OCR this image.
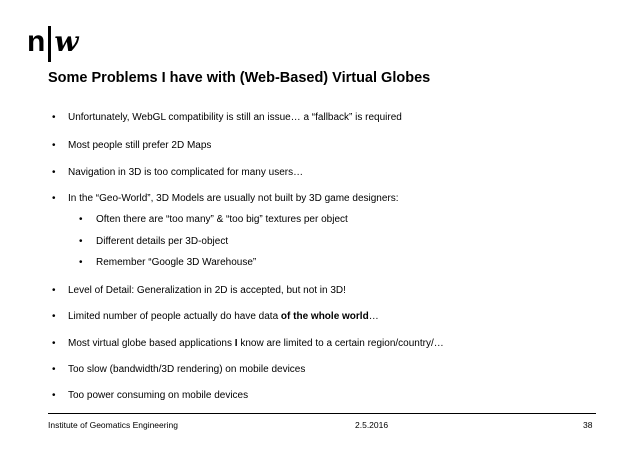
n w
Some Problems I have with (Web-Based) Virtual Globes
• Unfortunately, WebGL compatibility is still an issue… a “fallback” is required
• Most people still prefer 2D Maps
• Navigation in 3D is too complicated for many users…
• In the “Geo-World”, 3D Models are usually not built by 3D game designers:
• Often there are “too many” & “too big” textures per object
• Different details per 3D-object
• Remember “Google 3D Warehouse”
• Level of Detail: Generalization in 2D is accepted, but not in 3D!
• Limited number of people actually do have data of the whole world…
• Most virtual globe based applications I know are limited to a certain region/country/…
• Too slow (bandwidth/3D rendering) on mobile devices
• Too power consuming on mobile devices
Institute of Geomatics Engineering	2.5.2016	38
